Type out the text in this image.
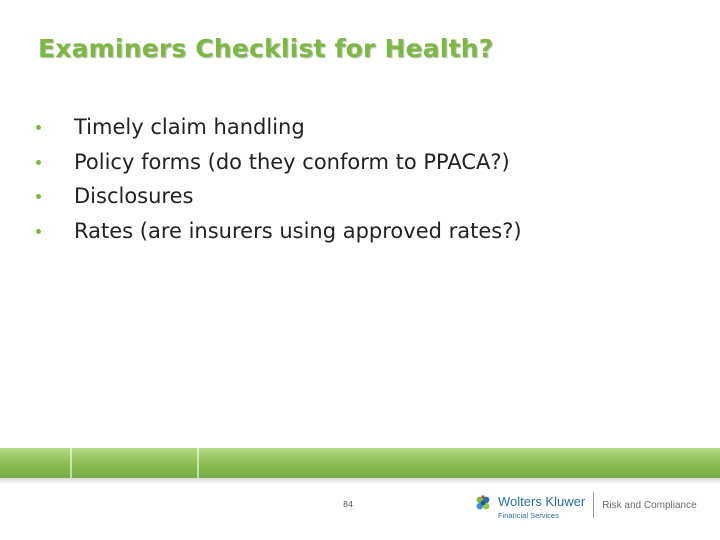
Examiners Checklist for Health?
Timely claim handling
Policy forms (do they conform to PPACA?)
Disclosures
Rates (are insurers using approved rates?)
84	Wolters Kluwer
Financial Services
Risk and Compliance
